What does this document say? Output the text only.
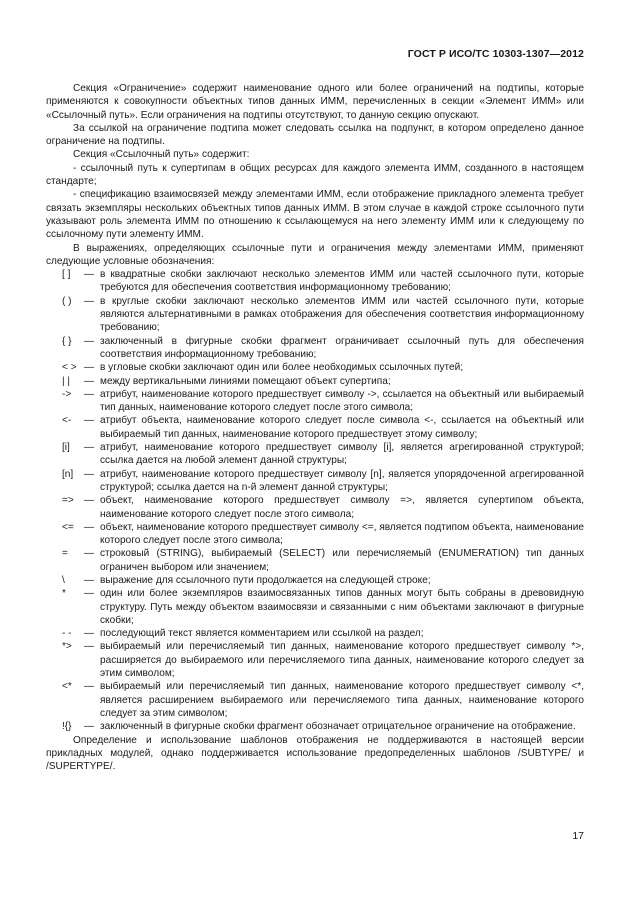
ГОСТ Р ИСО/ТС 10303-1307—2012

Секция «Ограничение» содержит наименование одного или более ограничений на подтипы, которые применяются к совокупности объектных типов данных ИММ, перечисленных в секции «Элемент ИММ» или «Ссылочный путь». Если ограничения на подтипы отсутствуют, то данную секцию опускают.

За ссылкой на ограничение подтипа может следовать ссылка на подпункт, в котором определено данное ограничение на подтипы.

Секция «Ссылочный путь» содержит:

- ссылочный путь к супертипам в общих ресурсах для каждого элемента ИММ, созданного в настоящем стандарте;

- спецификацию взаимосвязей между элементами ИММ, если отображение прикладного элемента требует связать экземпляры нескольких объектных типов данных ИММ. В этом случае в каждой строке ссылочного пути указывают роль элемента ИММ по отношению к ссылающемуся на него элементу ИММ или к следующему по ссылочному пути элементу ИММ.

В выражениях, определяющих ссылочные пути и ограничения между элементами ИММ, применяют следующие условные обозначения:

[ ]	— в квадратные скобки заключают несколько элементов ИММ или частей ссылочного пути, которые требуются для обеспечения соответствия информационному требованию;
( )	— в круглые скобки заключают несколько элементов ИММ или частей ссылочного пути, которые являются альтернативными в рамках отображения для обеспечения соответствия информационному требованию;
{ }	— заключенный в фигурные скобки фрагмент ограничивает ссылочный путь для обеспечения соответствия информационному требованию;
< > — в угловые скобки заключают один или более необходимых ссылочных путей;
| |	— между вертикальными линиями помещают объект супертипа;
->	— атрибут, наименование которого предшествует символу ->, ссылается на объектный или выбираемый тип данных, наименование которого следует после этого символа;
<-	— атрибут объекта, наименование которого следует после символа <-, ссылается на объектный или выбираемый тип данных, наименование которого предшествует этому символу;
[i]	— атрибут, наименование которого предшествует символу [i], является агрегированной структурой; ссылка дается на любой элемент данной структуры;
[n]	— атрибут, наименование которого предшествует символу [n], является упорядоченной агрегированной структурой; ссылка дается на n-й элемент данной структуры;
=>	— объект, наименование которого предшествует символу =>, является супертипом объекта, наименование которого следует после этого символа;
<=	— объект, наименование которого предшествует символу <=, является подтипом объекта, наименование которого следует после этого символа;
=	— строковый (STRING), выбираемый (SELECT) или перечисляемый (ENUMERATION) тип данных ограничен выбором или значением;
\	— выражение для ссылочного пути продолжается на следующей строке;
*	— один или более экземпляров взаимосвязанных типов данных могут быть собраны в древовидную структуру. Путь между объектом взаимосвязи и связанными с ним объектами заключают в фигурные скобки;
- -	— последующий текст является комментарием или ссылкой на раздел;
*>	— выбираемый или перечисляемый тип данных, наименование которого предшествует символу *>, расширяется до выбираемого или перечисляемого типа данных, наименование которого следует за этим символом;
<*	— выбираемый или перечисляемый тип данных, наименование которого предшествует символу <*, является расширением выбираемого или перечисляемого типа данных, наименование которого следует за этим символом;
!{}	— заключенный в фигурные скобки фрагмент обозначает отрицательное ограничение на отображение.

Определение и использование шаблонов отображения не поддерживаются в настоящей версии прикладных модулей, однако поддерживается использование предопределенных шаблонов /SUBTYPE/ и /SUPERTYPE/.

17
